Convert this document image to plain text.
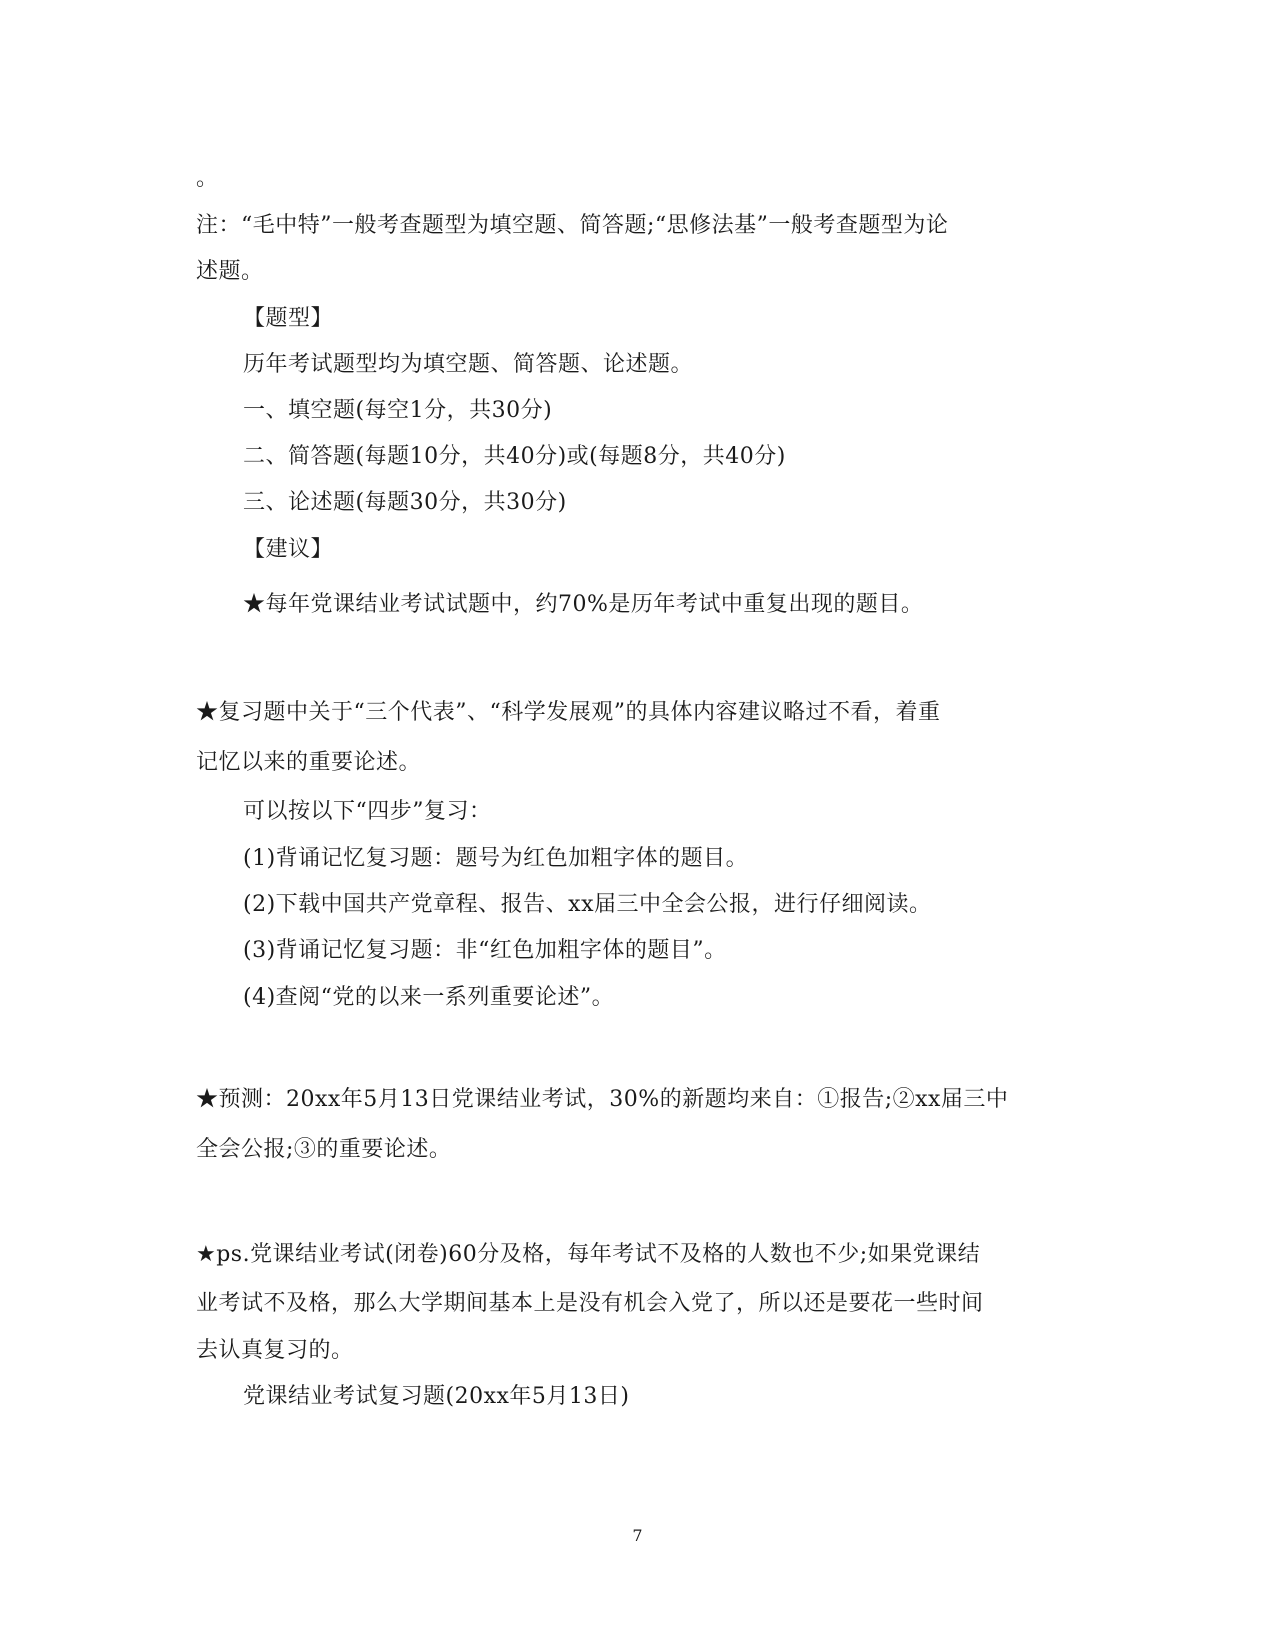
。
注：“毛中特”一般考查题型为填空题、简答题;“思修法基”一般考查题型为论
述题。
【题型】
历年考试题型均为填空题、简答题、论述题。
一、填空题(每空1分，共30分)
二、简答题(每题10分，共40分)或(每题8分，共40分)
三、论述题(每题30分，共30分)
【建议】
★每年党课结业考试试题中，约70%是历年考试中重复出现的题目。
★复习题中关于“三个代表”、“科学发展观”的具体内容建议略过不看，着重
记忆以来的重要论述。
可以按以下“四步”复习：
(1)背诵记忆复习题：题号为红色加粗字体的题目。
(2)下载中国共产党章程、报告、xx届三中全会公报，进行仔细阅读。
(3)背诵记忆复习题：非“红色加粗字体的题目”。
(4)查阅“党的以来一系列重要论述”。
★预测：20xx年5月13日党课结业考试，30%的新题均来自：①报告;②xx届三中
全会公报;③的重要论述。
★ps.党课结业考试(闭卷)60分及格，每年考试不及格的人数也不少;如果党课结
业考试不及格，那么大学期间基本上是没有机会入党了，所以还是要花一些时间
去认真复习的。
党课结业考试复习题(20xx年5月13日)
7
